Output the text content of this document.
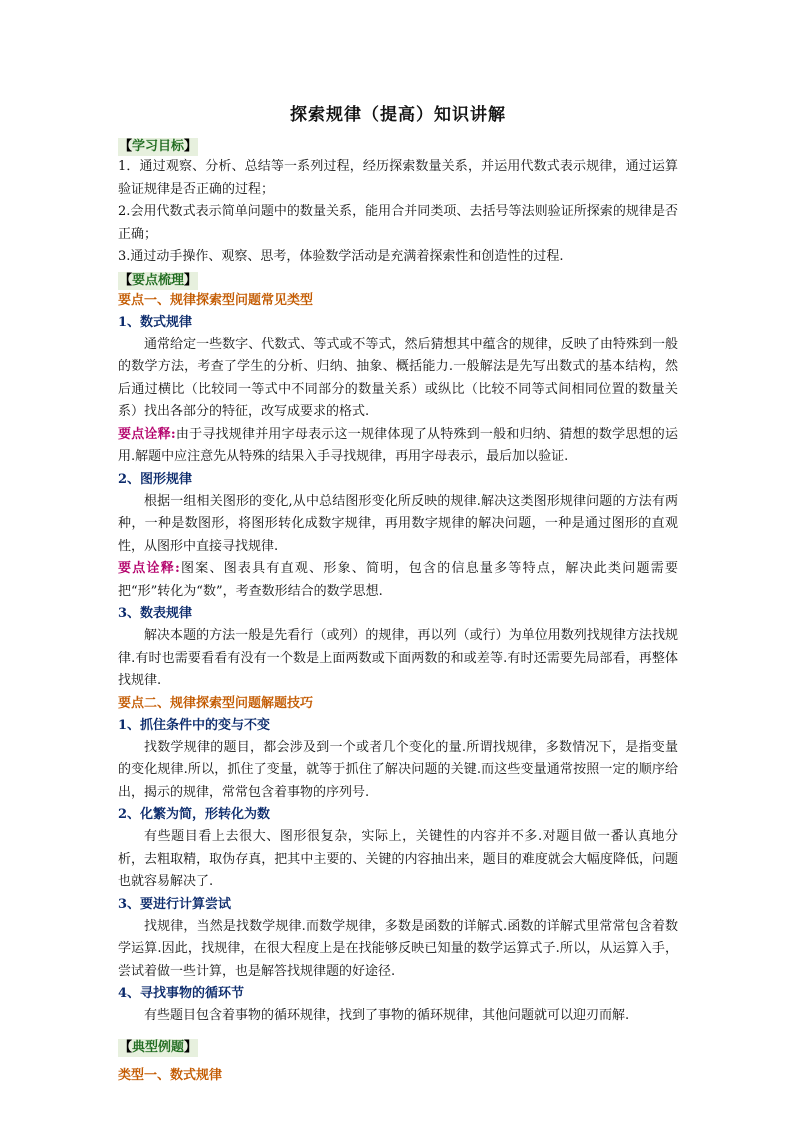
探索规律（提高）知识讲解
【学习目标】

1．通过观察、分析、总结等一系列过程，经历探索数量关系，并运用代数式表示规律，通过运算验证规律是否正确的过程；

2.会用代数式表示简单问题中的数量关系，能用合并同类项、去括号等法则验证所探索的规律是否正确；

3.通过动手操作、观察、思考，体验数学活动是充满着探索性和创造性的过程.

【要点梳理】
要点一、规律探索型问题常见类型
1、数式规律

通常给定一些数字、代数式、等式或不等式，然后猜想其中蕴含的规律，反映了由特殊到一般的数学方法，考查了学生的分析、归纳、抽象、概括能力.一般解法是先写出数式的基本结构，然后通过横比（比较同一等式中不同部分的数量关系）或纵比（比较不同等式间相同位置的数量关系）找出各部分的特征，改写成要求的格式.

要点诠释:由于寻找规律并用字母表示这一规律体现了从特殊到一般和归纳、猜想的数学思想的运用.解题中应注意先从特殊的结果入手寻找规律，再用字母表示，最后加以验证.

2、图形规律

根据一组相关图形的变化,从中总结图形变化所反映的规律.解决这类图形规律问题的方法有两种，一种是数图形，将图形转化成数字规律，再用数字规律的解决问题，一种是通过图形的直观性，从图形中直接寻找规律.

要点诠释:图案、图表具有直观、形象、简明，包含的信息量多等特点，解决此类问题需要把“形”转化为“数”，考查数形结合的数学思想.

3、数表规律

解决本题的方法一般是先看行（或列）的规律，再以列（或行）为单位用数列找规律方法找规律.有时也需要看看有没有一个数是上面两数或下面两数的和或差等.有时还需要先局部看，再整体找规律.

要点二、规律探索型问题解题技巧
1、抓住条件中的变与不变

找数学规律的题目，都会涉及到一个或者几个变化的量.所谓找规律，多数情况下，是指变量的变化规律.所以，抓住了变量，就等于抓住了解决问题的关键.而这些变量通常按照一定的顺序给出，揭示的规律，常常包含着事物的序列号.

2、化繁为简，形转化为数

有些题目看上去很大、图形很复杂，实际上，关键性的内容并不多.对题目做一番认真地分析，去粗取精，取伪存真，把其中主要的、关键的内容抽出来，题目的难度就会大幅度降低，问题也就容易解决了.

3、要进行计算尝试

找规律，当然是找数学规律.而数学规律，多数是函数的详解式.函数的详解式里常常包含着数学运算.因此，找规律，在很大程度上是在找能够反映已知量的数学运算式子.所以，从运算入手，尝试着做一些计算，也是解答找规律题的好途径.

4、寻找事物的循环节

有些题目包含着事物的循环规律，找到了事物的循环规律，其他问题就可以迎刃而解.

【典型例题】
类型一、数式规律
